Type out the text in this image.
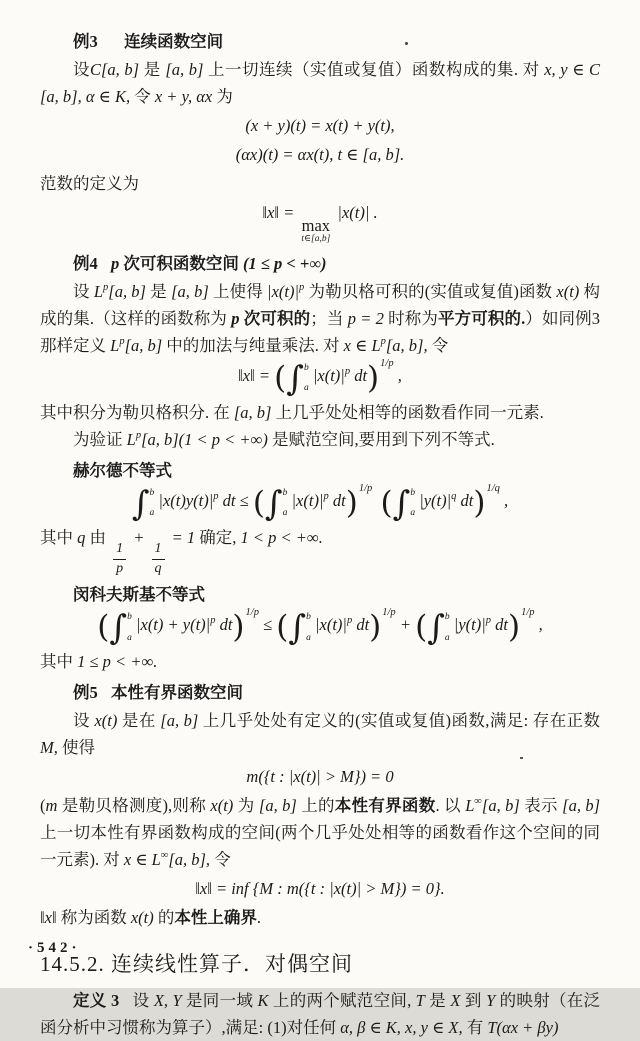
例3 连续函数空间
设C[a, b] 是 [a, b] 上一切连续（实值或复值）函数构成的集. 对 x, y ∈ C[a, b], α ∈ K, 令 x + y, αx 为
(x + y)(t) = x(t) + y(t),
(αx)(t) = αx(t), t ∈ [a, b].
范数的定义为
‖x‖ =
max
t∈[a,b]
|x(t)| .
例4 p 次可积函数空间 (1 ≤ p < +∞)
设 $L^p[a$, b] 是 [a, b] 上使得 $|x(t)|^p$ 为勒贝格可积的(实值或复值)函数 x(t) 构成的集.（这样的函数称为 p 次可积的；当 p = 2 时称为平方可积的.）如同例3那样定义 $L^p[a$, b] 中的加法与纯量乘法. 对 x ∈ $L^p[a$, b], 令
‖x‖ = ( ∫ b
a
$|x(t)|^p$ dt)$^{1/p}$ ,
其中积分为勒贝格积分. 在 [a, b] 上几乎处处相等的函数看作同一元素.
为验证 $L^p[a$, b](1 < p < +∞) 是赋范空间,要用到下列不等式.
赫尔德不等式
∫ b
a
$|x(t)y(t)|^p$ dt ≤ ( ∫ b
a
$|x(t)|^p$ dt)$^{1/p}$ ( ∫ b
a
$|y(t)|^q$ dt)$^{1/q}$ ,
其中 q 由
$\frac{1}{p}$
+
$\frac{1}{q}$
= 1 确定, 1 < p < +∞.
闵科夫斯基不等式
( ∫ b
a
$|x(t) + y(t)|^p$ dt)$^{1/p}$ ≤ ( ∫ b
a
$|x(t)|^p$ dt)$^{1/p}$ + ( ∫ b
a
$|y(t)|^p$ dt)$^{1/p}$ ,
其中 1 ≤ p < +∞.
例5 本性有界函数空间
设 x(t) 是在 [a, b] 上几乎处处有定义的(实值或复值)函数,满足: 存在正数 M, 使得
m({t : |x(t)| > M}) = 0
(m 是勒贝格测度),则称 x(t) 为 [a, b] 上的本性有界函数. 以 L∞[a, b] 表示 [a, b] 上一切本性有界函数构成的空间(两个几乎处处相等的函数看作这个空间的同一元素). 对 x ∈ L∞[a, b], 令
‖x‖ = inf {M : m({t : |x(t)| > M}) = 0}.
‖x‖ 称为函数 x(t) 的本性上确界.
14.5.2. 连续线性算子．对偶空间
定义 3 设 X, Y 是同一域 K 上的两个赋范空间, T 是 X 到 Y 的映射（在泛函分析中习惯称为算子）,满足: (1)对任何 α, β ∈ K, x, y ∈ X, 有 T(αx + βy)
·542·
